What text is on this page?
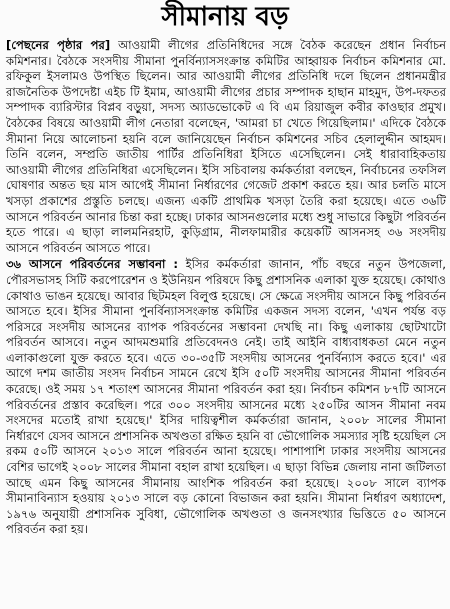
সীমানায় বড়

[পেছনের পৃষ্ঠার পর] আওয়ামী লীগের প্রতিনিধিদের সঙ্গে বৈঠক করেছেন প্রধান নির্বাচন কমিশনার। বৈঠকে সংসদীয় সীমানা পুনর্বিন্যাসসংক্রান্ত কমিটির আহ্বায়ক নির্বাচন কমিশনার মো. রফিকুল ইসলামও উপস্থিত ছিলেন। আর আওয়ামী লীগের প্রতিনিধি দলে ছিলেন প্রধানমন্ত্রীর রাজনৈতিক উপদেষ্টা এইচ টি ইমাম, আওয়ামী লীগের প্রচার সম্পাদক হাছান মাহমুদ, উপ-দফতর সম্পাদক ব্যারিস্টার বিপ্লব বড়ুয়া, সদস্য অ্যাডভোকেট এ বি এম রিয়াজুল কবীর কাওছার প্রমুখ। বৈঠকের বিষয়ে আওয়ামী লীগ নেতারা বলেছেন, 'আমরা চা খেতে গিয়েছিলাম।' এদিকে বৈঠকে সীমানা নিয়ে আলোচনা হয়নি বলে জানিয়েছেন নির্বাচন কমিশনের সচিব হেলালুদ্দীন আহমদ। তিনি বলেন, সম্প্রতি জাতীয় পার্টির প্রতিনিধিরা ইসিতে এসেছিলেন। সেই ধারাবাহিকতায় আওয়ামী লীগের প্রতিনিধিরা এসেছিলেন। ইসি সচিবালয় কর্মকর্তারা বলছেন, নির্বাচনের তফসিল ঘোষণার অন্তত ছয় মাস আগেই সীমানা নির্ধারণের গেজেট প্রকাশ করতে হয়। আর চলতি মাসে খসড়া প্রকাশের প্রস্তুতি চলছে। এজন্য একটি প্রাথমিক খসড়া তৈরি করা হয়েছে। এতে ৩৬টি আসনে পরিবর্তন আনার চিন্তা করা হচ্ছে। ঢাকার আসনগুলোর মধ্যে শুধু সাভারে কিছুটা পরিবর্তন হতে পারে। এ ছাড়া লালমনিরহাট, কুড়িগ্রাম, নীলফামারীর কয়েকটি আসনসহ ৩৬ সংসদীয় আসনে পরিবর্তন আসতে পারে।

৩৬ আসনে পরিবর্তনের সম্ভাবনা : ইসির কর্মকর্তারা জানান, পাঁচ বছরে নতুন উপজেলা, পৌরসভাসহ সিটি করপোরেশন ও ইউনিয়ন পরিষদে কিছু প্রশাসনিক এলাকা যুক্ত হয়েছে। কোথাও কোথাও ভাঙন হয়েছে। আবার ছিটমহল বিলুপ্ত হয়েছে। সে ক্ষেত্রে সংসদীয় আসনে কিছু পরিবর্তন আসতে হবে। ইসির সীমানা পুনর্বিন্যাসসংক্রান্ত কমিটির একজন সদস্য বলেন, 'এখন পর্যন্ত বড় পরিসরে সংসদীয় আসনের ব্যাপক পরিবর্তনের সম্ভাবনা দেখছি না। কিছু এলাকায় ছোটখাটো পরিবর্তন আসবে। নতুন আদমশুমারি প্রতিবেদনও নেই। তাই আইনি বাধ্যবাধকতা মেনে নতুন এলাকাগুলো যুক্ত করতে হবে। এতে ৩০-৩৫টি সংসদীয় আসনের পুনর্বিন্যাস করতে হবে।' এর আগে দশম জাতীয় সংসদ নির্বাচন সামনে রেখে ইসি ৫০টি সংসদীয় আসনের সীমানা পরিবর্তন করেছে। ওই সময় ১৭ শতাংশ আসনের সীমানা পরিবর্তন করা হয়। নির্বাচন কমিশন ৮৭টি আসনে পরিবর্তনের প্রস্তাব করেছিল। পরে ৩০০ সংসদীয় আসনের মধ্যে ২৫০টির আসন সীমানা নবম সংসদের মতোই রাখা হয়েছে।' ইসির দায়িত্বশীল কর্মকর্তারা জানান, ২০০৮ সালের সীমানা নির্ধারণে যেসব আসনে প্রশাসনিক অখণ্ডতা রক্ষিত হয়নি বা ভৌগোলিক সমস্যার সৃষ্টি হয়েছিল সে রকম ৫০টি আসনে ২০১৩ সালে পরিবর্তন আনা হয়েছে। পাশাপাশি ঢাকার সংসদীয় আসনের বেশির ভাগেই ২০০৮ সালের সীমানা বহাল রাখা হয়েছিল। এ ছাড়া বিভিন্ন জেলায় নানা জটিলতা আছে এমন কিছু আসনের সীমানায় আংশিক পরিবর্তন করা হয়েছে। ২০০৮ সালে ব্যাপক সীমানাবিন্যাস হওয়ায় ২০১৩ সালে বড় কোনো বিভাজন করা হয়নি। সীমানা নির্ধারণ অধ্যাদেশ, ১৯৭৬ অনুযায়ী প্রশাসনিক সুবিধা, ভৌগোলিক অখণ্ডতা ও জনসংখ্যার ভিত্তিতে ৫০ আসনে পরিবর্তন করা হয়।
